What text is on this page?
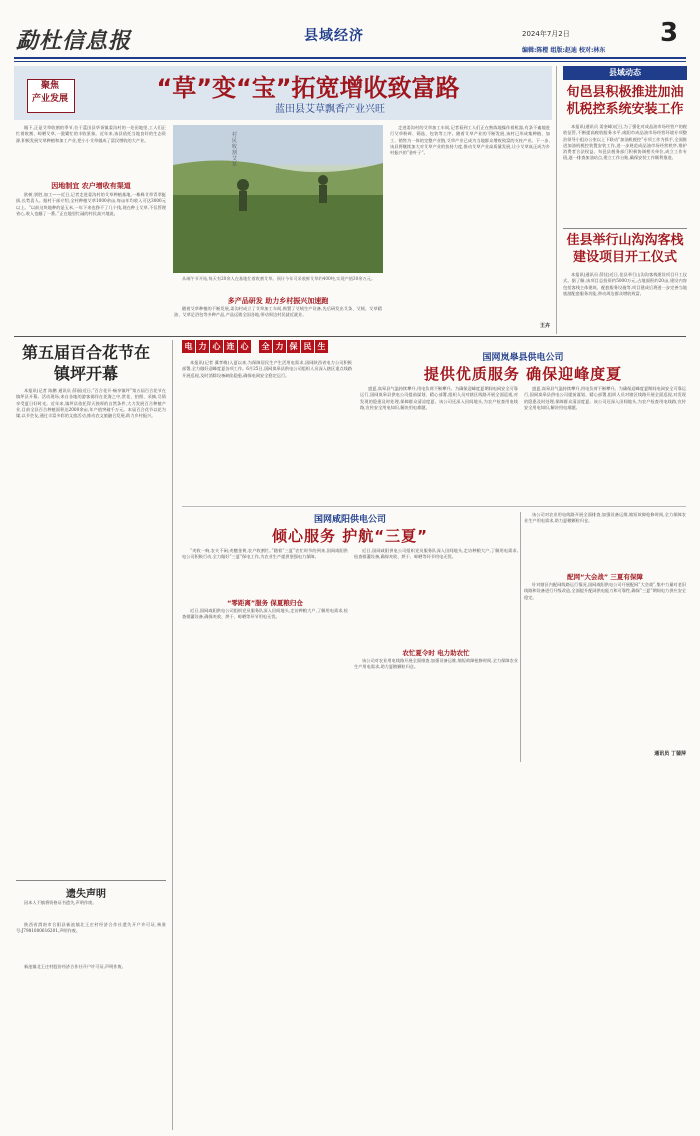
勐杜信息报	县域经济	2024年7月2日	3
编辑:陈橙 组版:赵迪 校对:林东
聚焦
产业发展	“草”变“宝”拓宽增收致富路
蓝田县艾草飘香产业兴旺
眼下,正是艾草收割的季节,位于蓝田县华胥镇姜沟村的一处田地里,工人们正忙着收割、晾晒艾草,一派繁忙的丰收景象。近年来,该县依托当地良好的生态资源,积极发展艾草种植和加工产业,把小小艾草做成了富民增收的大产业。
因地制宜 农户增收有渠道
欧树,别胜,加工——近日,记者走进姜沟村的艾草种植基地,一株株艾草青翠挺拔,长势喜人。据村干部介绍,全村种植艾草1000余亩,每亩年均收入可达3000元以上。“以前这块地种的是玉米,一年下来也挣不了几个钱,现在种上艾草,不仅管理省心,收入也翻了一番。”正在地里忙碌的村民高兴地说。
村民收割艾草
从端午节开始,每天有20余人在基地忙着收割艾草。预计今年可采收鲜艾草约400吨,实现产值30余万元。
多产品研发 助力乡村振兴加速跑
随着艾草种植的不断发展,姜沟村成立了艾草加工车间,购置了艾绒生产设备,先后研发出艾条、艾绒、艾草精油、艾草足浴包等多种产品,产品远销全国各地,带动周边村民就近就业。
走进姜沟村的艾草加工车间,记者看到工人们正在熟练地操作着机器,有条不紊地进行艾草粉碎、筛选、包装等工序。随着艾草产业的不断发展,该村已形成集种植、加工、销售为一体的完整产业链,艾草产业已成为当地群众增收致富的支柱产业。下一步,该县将继续加大对艾草产业的扶持力度,推动艾草产业高质量发展,让小艾草真正成为乡村振兴的“金叶子”。
王卉
县域动态
旬邑县积极推进加油机税控系统安装工作
本报讯(通讯员 姜奎峰)近日,为了强化对成品油市场经营户的税收征管,不断提高税收服务水平,咸阳市成品油市场经营环境专项整治领导小组办公室以上下联动“加油机税控”专项工作为抓手,全面推进加油机税控装置安装工作,进一步规范成品油市场经营秩序,维护消费者合法权益。旬邑县税务部门积极协调相关单位,成立工作专班,逐一排查加油站点,建立工作台账,确保安装工作顺利推进。
佳县举行山沟沟客栈建设项目开工仪式
本报讯(通讯员 薛佳)近日,佳县举行山沟沟客栈建设项目开工仪式。据了解,该项目总投资约5000万元,占地面积约20亩,建设内容包括客栈主体建筑、配套服务设施等,项目建成后将进一步完善当地旅游配套服务功能,带动周边群众增收致富。
第五届百合花节在镇坪开幕
本报讯(记者 陈鹏 通讯员 薛丽)近日,“百合花开·畅享镇坪”第五届百合花节在镇坪县开幕。活动现场,来自各地的游客徜徉在花海之中,赏花、拍照、采摘,尽情享受夏日好时光。近年来,镇坪县依托得天独厚的自然条件,大力发展百合种植产业,目前全县百合种植面积达2000余亩,年产值突破千万元。本届百合花节以花为媒,以节会友,通过丰富多彩的文旅活动,推动农文旅融合发展,助力乡村振兴。
遗失声明
因本人不慎将资格证书遗失,声明作废。
陕西省渭南市合阳县新池镇北王庄村经济合作社遗失开户许可证,核准号:J7981000616201,声明作废。
新池镇北王庄村股份经济合作社开户许可证,声明作废。
电 力 心 连 心	全 力 保 民 生
本报讯(记者 冀孝梅)入夏以来,为保障居民生产生活用电需求,国网陕西省电力公司积极部署,全力做好迎峰度夏各项工作。6月25日,国网岚皋县供电公司组织人员深入辖区重点线路开展巡视,及时消除设备缺陷隐患,确保电网安全稳定运行。
国网岚皋县供电公司
提供优质服务 确保迎峰度夏
盛夏,岚皋县气温持续攀升,用电负荷不断攀升。为确保迎峰度夏期间电网安全可靠运行,国网岚皋县供电公司提前谋划、精心部署,组织人员对辖区线路开展全面巡视,对发现的隐患及时处理,保障群众清凉度夏。该公司还深入田间地头,为农户检查用电线路,宣传安全用电知识,解决用电难题。
盛夏,岚皋县气温持续攀升,用电负荷不断攀升。为确保迎峰度夏期间电网安全可靠运行,国网岚皋县供电公司提前谋划、精心部署,组织人员对辖区线路开展全面巡视,对发现的隐患及时处理,保障群众清凉度夏。该公司还深入田间地头,为农户检查用电线路,宣传安全用电知识,解决用电难题。
国网咸阳供电公司
倾心服务 护航“三夏”
“麦收一响,农夫不闲;麦穗金黄,农户收割忙。”随着“三夏”农忙时节的到来,国网咸阳供电公司积极行动,全力做好“三夏”保电工作,为农业生产提供坚强电力保障。
“零距离”服务 保夏粮归仓
近日,国网咸阳供电公司组织党员服务队深入田间地头,走访种粮大户,了解用电需求,检查排灌设备,确保麦收、烘干、晾晒等环节用电无忧。
近日,国网咸阳供电公司组织党员服务队深入田间地头,走访种粮大户,了解用电需求,检查排灌设备,确保麦收、烘干、晾晒等环节用电无忧。
农忙夏令时 电力助农忙
该公司对农业用电线路开展全面排查,加强设备运维,缩短故障抢修时间,全力保障农业生产用电需求,助力夏粮颗粒归仓。
该公司对农业用电线路开展全面排查,加强设备运维,缩短故障抢修时间,全力保障农业生产用电需求,助力夏粮颗粒归仓。
配网“大会战” 三夏有保障
针对辖区内配网线路运行情况,国网咸阳供电公司开展配网“大会战”,集中力量对老旧线路和设备进行升级改造,全面提升配网供电能力和可靠性,确保“三夏”期间电力供应安全稳定。
通讯员 丁蓥萍
